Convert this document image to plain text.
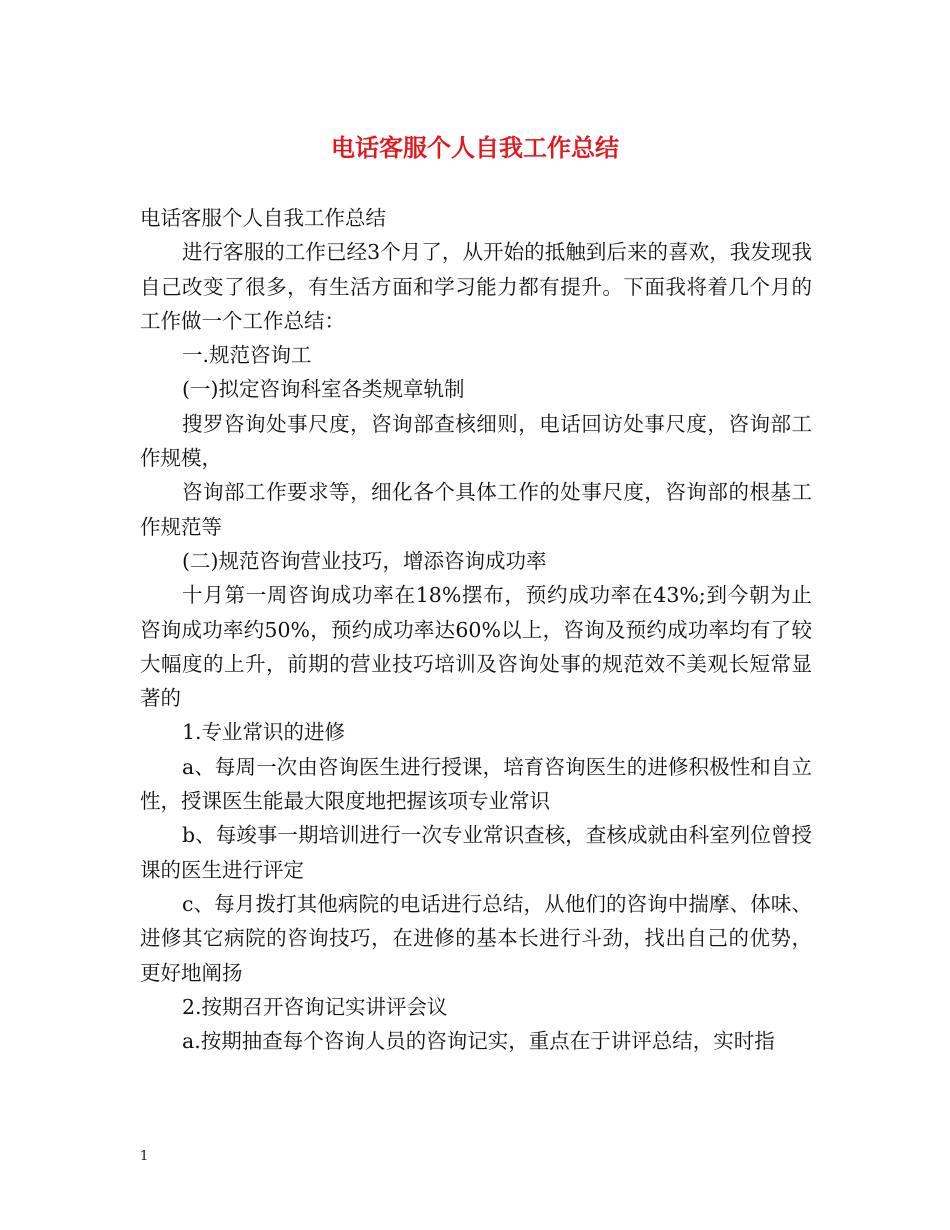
电话客服个人自我工作总结

电话客服个人自我工作总结

进行客服的工作已经3个月了，从开始的抵触到后来的喜欢，我发现我自己改变了很多，有生活方面和学习能力都有提升。下面我将着几个月的工作做一个工作总结：

一.规范咨询工

(一)拟定咨询科室各类规章轨制

搜罗咨询处事尺度，咨询部查核细则，电话回访处事尺度，咨询部工作规模，

咨询部工作要求等，细化各个具体工作的处事尺度，咨询部的根基工作规范等

(二)规范咨询营业技巧，增添咨询成功率

十月第一周咨询成功率在18%摆布，预约成功率在43%;到今朝为止咨询成功率约50%，预约成功率达60%以上，咨询及预约成功率均有了较大幅度的上升，前期的营业技巧培训及咨询处事的规范效不美观长短常显著的

1.专业常识的进修

a、每周一次由咨询医生进行授课，培育咨询医生的进修积极性和自立性，授课医生能最大限度地把握该项专业常识

b、每竣事一期培训进行一次专业常识查核，查核成就由科室列位曾授课的医生进行评定

c、每月拨打其他病院的电话进行总结，从他们的咨询中揣摩、体味、进修其它病院的咨询技巧，在进修的基本长进行斗劲，找出自己的优势，更好地阐扬

2.按期召开咨询记实讲评会议

a.按期抽查每个咨询人员的咨询记实，重点在于讲评总结，实时指

1
